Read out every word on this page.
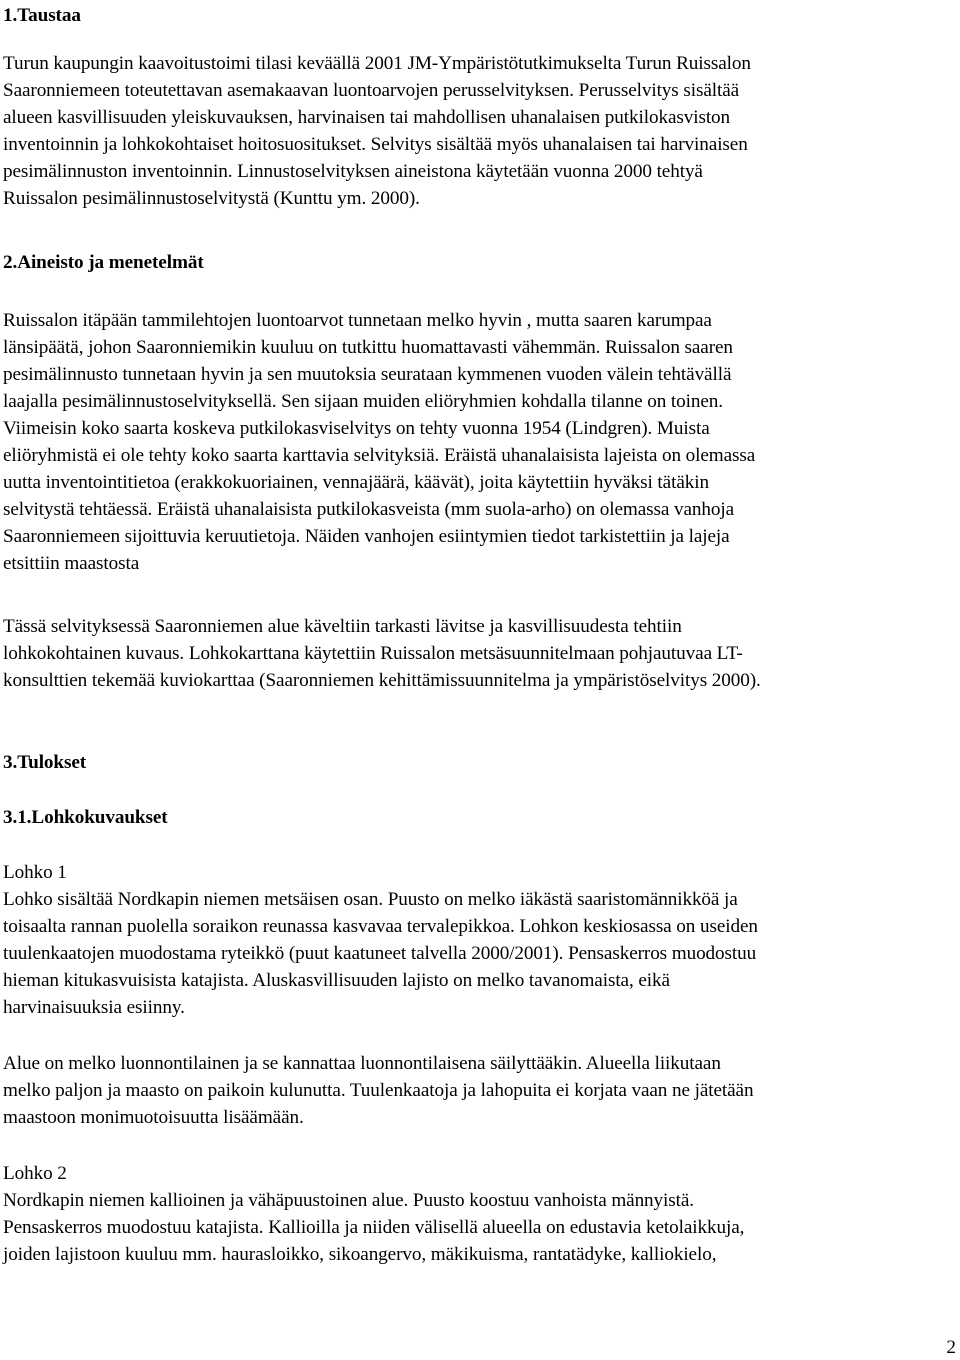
1.Taustaa
Turun kaupungin kaavoitustoimi tilasi keväällä 2001 JM-Ympäristötutkimukselta Turun Ruissalon
Saaronniemeen toteutettavan asemakaavan luontoarvojen perusselvityksen. Perusselvitys sisältää
alueen kasvillisuuden yleiskuvauksen, harvinaisen tai mahdollisen uhanalaisen putkilokasviston
inventoinnin ja lohkokohtaiset hoitosuositukset. Selvitys sisältää myös uhanalaisen tai harvinaisen
pesimälinnuston inventoinnin. Linnustoselvityksen aineistona käytetään vuonna 2000 tehtyä
Ruissalon pesimälinnustoselvitystä (Kunttu ym. 2000).
2.Aineisto ja menetelmät
Ruissalon itäpään tammilehtojen luontoarvot tunnetaan melko hyvin , mutta saaren karumpaa
länsipäätä, johon Saaronniemikin kuuluu on tutkittu huomattavasti vähemmän. Ruissalon saaren
pesimälinnusto tunnetaan hyvin ja sen muutoksia seurataan kymmenen vuoden välein tehtävällä
laajalla pesimälinnustoselvityksellä. Sen sijaan muiden eliöryhmien kohdalla tilanne on toinen.
Viimeisin koko saarta koskeva putkilokasviselvitys on tehty vuonna 1954 (Lindgren). Muista
eliöryhmistä ei ole tehty koko saarta karttavia selvityksiä. Eräistä uhanalaisista lajeista on olemassa
uutta inventointitietoa (erakkokuoriainen, vennajäärä, käävät), joita käytettiin hyväksi tätäkin
selvitystä tehtäessä. Eräistä uhanalaisista putkilokasveista (mm suola-arho) on olemassa vanhoja
Saaronniemeen sijoittuvia keruutietoja. Näiden vanhojen esiintymien tiedot tarkistettiin ja lajeja
etsittiin maastosta
Tässä selvityksessä Saaronniemen alue käveltiin tarkasti lävitse ja kasvillisuudesta tehtiin
lohkokohtainen kuvaus. Lohkokarttana käytettiin Ruissalon metsäsuunnitelmaan pohjautuvaa LT-
konsulttien tekemää kuviokarttaa (Saaronniemen kehittämissuunnitelma ja ympäristöselvitys 2000).
3.Tulokset
3.1.Lohkokuvaukset
Lohko 1
Lohko sisältää Nordkapin niemen metsäisen osan. Puusto on melko iäkästä saaristomännikköä ja
toisaalta rannan puolella soraikon reunassa kasvavaa tervalepikkoa. Lohkon keskiosassa on useiden
tuulenkaatojen muodostama ryteikkö (puut kaatuneet talvella 2000/2001). Pensaskerros muodostuu
hieman kitukasvuisista katajista. Aluskasvillisuuden lajisto on melko tavanomaista, eikä
harvinaisuuksia esiinny.
Alue on melko luonnontilainen ja se kannattaa luonnontilaisena säilyttääkin. Alueella liikutaan
melko paljon ja maasto on paikoin kulunutta. Tuulenkaatoja ja lahopuita ei korjata vaan ne jätetään
maastoon monimuotoisuutta lisäämään.
Lohko 2
Nordkapin niemen kallioinen ja vähäpuustoinen alue. Puusto koostuu vanhoista männyistä.
Pensaskerros muodostuu katajista. Kallioilla ja niiden välisellä alueella on edustavia ketolaikkuja,
joiden lajistoon kuuluu mm. haurasloikko, sikoangervo, mäkikuisma, rantatädyke, kalliokielo,
2
